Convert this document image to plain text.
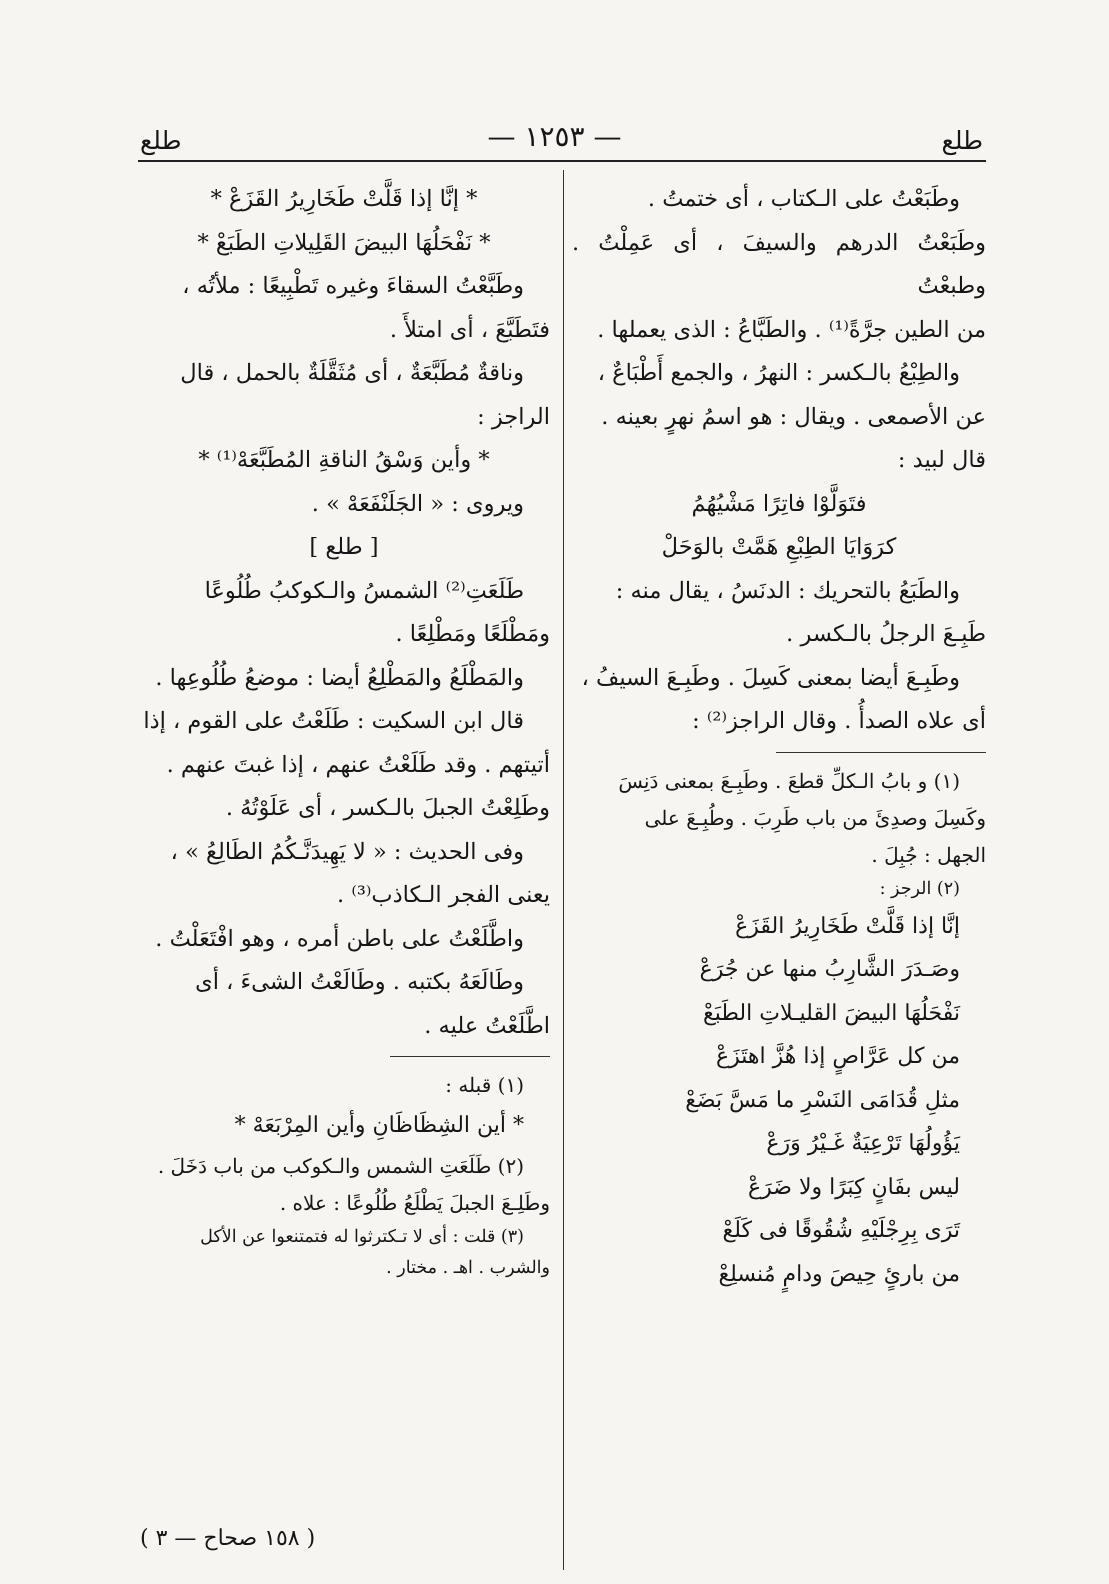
طلع
— ١٢٥٣ —
طلع

وطَبَعْتُ على الـكتاب ، أى ختمتُ .

وطَبَعْتُ الدرهم والسيفَ ، أى عَمِلْتُ . وطبعْتُ

من الطين جرَّةً⁽¹⁾ . والطَبَّاعُ : الذى يعملها .

والطِبْعُ بالـكسر : النهرُ ، والجمع أَطْبَاعٌ ،

عن الأصمعى . ويقال : هو اسمُ نهرٍ بعينه .

قال لبيد :

فتَوَلَّوْا فاتِرًا مَشْيُهُمُ

كرَوَايَا الطِبْعِ هَمَّتْ بالوَحَلْ

والطَبَعُ بالتحريك : الدنَسُ ، يقال منه :

طَبِـعَ الرجلُ بالـكسر .

وطَبِـعَ أيضا بمعنى كَسِلَ . وطَبِـعَ السيفُ ،

أى علاه الصدأُ . وقال الراجز⁽²⁾ :

(١) و بابُ الـكلِّ قطعَ . وطَبِـعَ بمعنى دَنِسَ

وكَسِلَ وصدِئَ من باب طَرِبَ . وطُبِـعَ على

الجهل : جُبِلَ .

(٢) الرجز :

إنَّا إذا قَلَّتْ طَخَارِيرُ القَزَعْ

وصَـدَرَ الشَّارِبُ منها عن جُرَعْ

نَفْحَلُهَا البيضَ القليـلاتِ الطَبَعْ

من كل عَرَّاصٍ إذا هُزَّ اهتَزَعْ

مثلِ قُدَامَى النَسْرِ ما مَسَّ بَضَعْ

يَؤُولُهَا تَرْعِيَةٌ غَـيْرُ وَرَعْ

ليس بفَانٍ كِبَرًا ولا ضَرَعْ

تَرَى بِرِجْلَيْهِ شُقُوقًا فى كَلَعْ

من بارئٍ حِيصَ ودامٍ مُنسلِعْ

* إنَّا إذا قَلَّتْ طَخَارِيرُ القَزَعْ *

* نَفْحَلُهَا البيضَ القَلِيلاتِ الطَبَعْ *

وطَبَّعْتُ السقاءَ وغيره تَطْبِيعًا : ملأتُه ،

فتَطَبَّعَ ، أى امتلأَ .

وناقةٌ مُطَبَّعَةٌ ، أى مُثَقَّلَةٌ بالحمل ، قال

الراجز :

* وأين وَسْقُ الناقةِ المُطَبَّعَهْ⁽¹⁾ *

ويروى : « الجَلَنْفَعَهْ » .

[ طلع ]

طَلَعَتِ⁽²⁾ الشمسُ والـكوكبُ طُلُوعًا

ومَطْلَعًا ومَطْلِعًا .

والمَطْلَعُ والمَطْلِعُ أيضا : موضعُ طُلُوعِها .

قال ابن السكيت : طَلَعْتُ على القوم ، إذا

أتيتهم . وقد طَلَعْتُ عنهم ، إذا غبتَ عنهم .

وطَلِعْتُ الجبلَ بالـكسر ، أى عَلَوْتُهُ .

وفى الحديث : « لا يَهِيدَنَّـكُمُ الطَالِعُ » ،

يعنى الفجر الـكاذب⁽³⁾ .

واطَّلَعْتُ على باطن أمره ، وهو افْتَعَلْتُ .

وطَالَعَهُ بكتبه . وطَالَعْتُ الشىءَ ، أى

اطَّلَعْتُ عليه .

(١) قبله :

* أين الشِظَاظَانِ وأين المِرْبَعَهْ *

(٢) طَلَعَتِ الشمس والـكوكب من باب دَخَلَ .

وطَلِـعَ الجبلَ يَطْلَعُ طُلُوعًا : علاه .

(٣) قلت : أى لا تـكترثوا له فتمتنعوا عن الأكل

والشرب . اهـ . مختار .

( ١٥٨ صحاح — ٣ )
